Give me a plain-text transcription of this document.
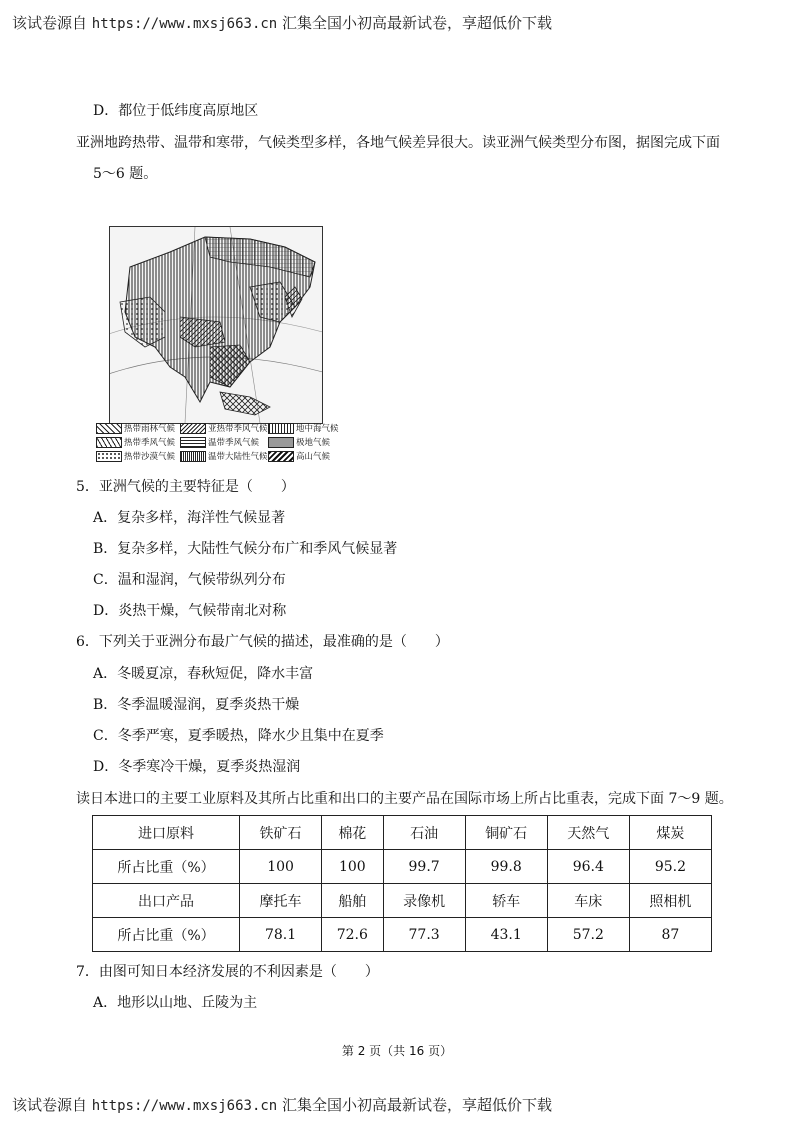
该试卷源自 https://www.mxsj663.cn 汇集全国小初高最新试卷，享超低价下载
D．都位于低纬度高原地区
亚洲地跨热带、温带和寒带，气候类型多样，各地气候差异很大。读亚洲气候类型分布图，据图完成下面
5～6 题。
热带雨林气候	亚热带季风气候	地中海气候
热带季风气候	温带季风气候	极地气候
热带沙漠气候	温带大陆性气候	高山气候
5．亚洲气候的主要特征是（　　）
A．复杂多样，海洋性气候显著
B．复杂多样，大陆性气候分布广和季风气候显著
C．温和湿润，气候带纵列分布
D．炎热干燥，气候带南北对称
6．下列关于亚洲分布最广气候的描述，最准确的是（　　）
A．冬暖夏凉，春秋短促，降水丰富
B．冬季温暖湿润，夏季炎热干燥
C．冬季严寒，夏季暖热，降水少且集中在夏季
D．冬季寒冷干燥，夏季炎热湿润
读日本进口的主要工业原料及其所占比重和出口的主要产品在国际市场上所占比重表，完成下面 7～9 题。
进口原料	铁矿石	棉花	石油	铜矿石	天然气	煤炭
所占比重（%）	100	100	99.7	99.8	96.4	95.2
出口产品	摩托车	船舶	录像机	轿车	车床	照相机
所占比重（%）	78.1	72.6	77.3	43.1	57.2	87
7．由图可知日本经济发展的不利因素是（　　）
A．地形以山地、丘陵为主
第 2 页（共 16 页）
该试卷源自 https://www.mxsj663.cn 汇集全国小初高最新试卷，享超低价下载
